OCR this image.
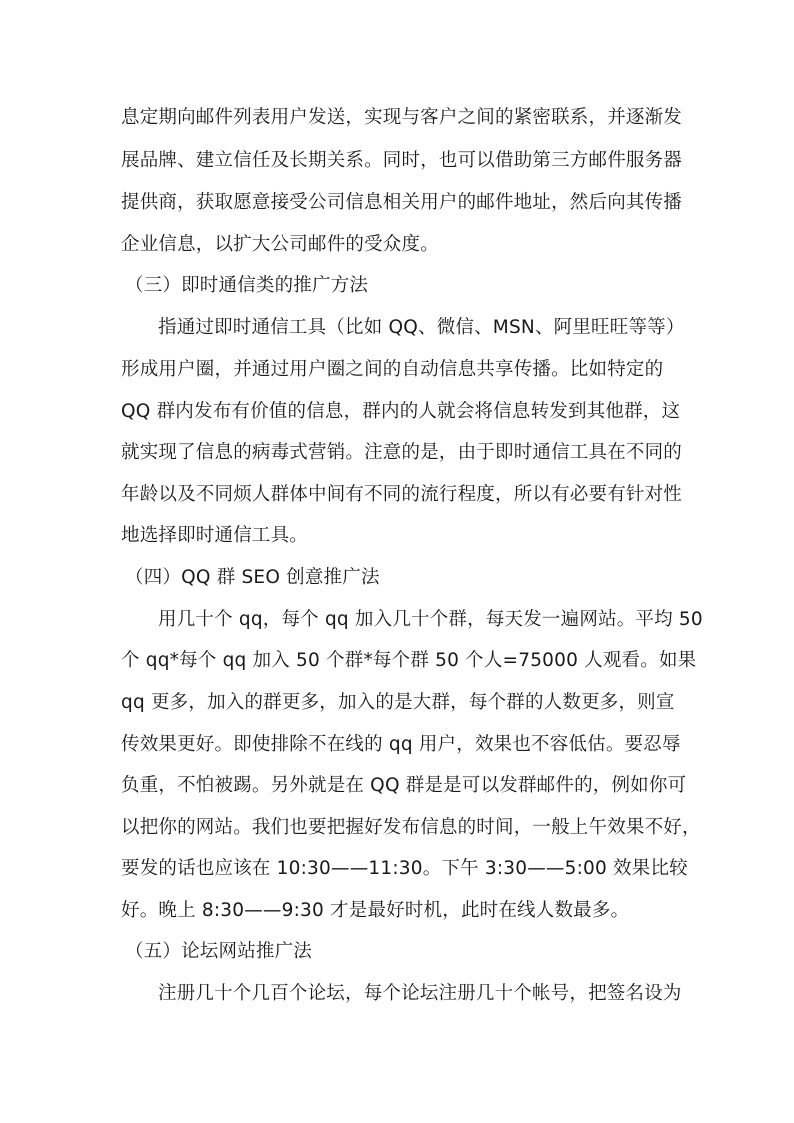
息定期向邮件列表用户发送，实现与客户之间的紧密联系，并逐渐发
展品牌、建立信任及长期关系。同时，也可以借助第三方邮件服务器
提供商，获取愿意接受公司信息相关用户的邮件地址，然后向其传播
企业信息，以扩大公司邮件的受众度。
（三）即时通信类的推广方法
指通过即时通信工具（比如 QQ、微信、MSN、阿里旺旺等等）
形成用户圈，并通过用户圈之间的自动信息共享传播。比如特定的
QQ 群内发布有价值的信息，群内的人就会将信息转发到其他群，这
就实现了信息的病毒式营销。注意的是，由于即时通信工具在不同的
年龄以及不同烦人群体中间有不同的流行程度，所以有必要有针对性
地选择即时通信工具。
（四）QQ 群 SEO 创意推广法
用几十个 qq，每个 qq 加入几十个群，每天发一遍网站。平均 50
个 qq*每个 qq 加入 50 个群*每个群 50 个人=75000 人观看。如果
qq 更多，加入的群更多，加入的是大群，每个群的人数更多，则宣
传效果更好。即使排除不在线的 qq 用户，效果也不容低估。要忍辱
负重，不怕被踢。另外就是在 QQ 群是是可以发群邮件的，例如你可
以把你的网站。我们也要把握好发布信息的时间，一般上午效果不好，
要发的话也应该在 10:30——11:30。下午 3:30——5:00 效果比较
好。晚上 8:30——9:30 才是最好时机，此时在线人数最多。
（五）论坛网站推广法
注册几十个几百个论坛，每个论坛注册几十个帐号，把签名设为
